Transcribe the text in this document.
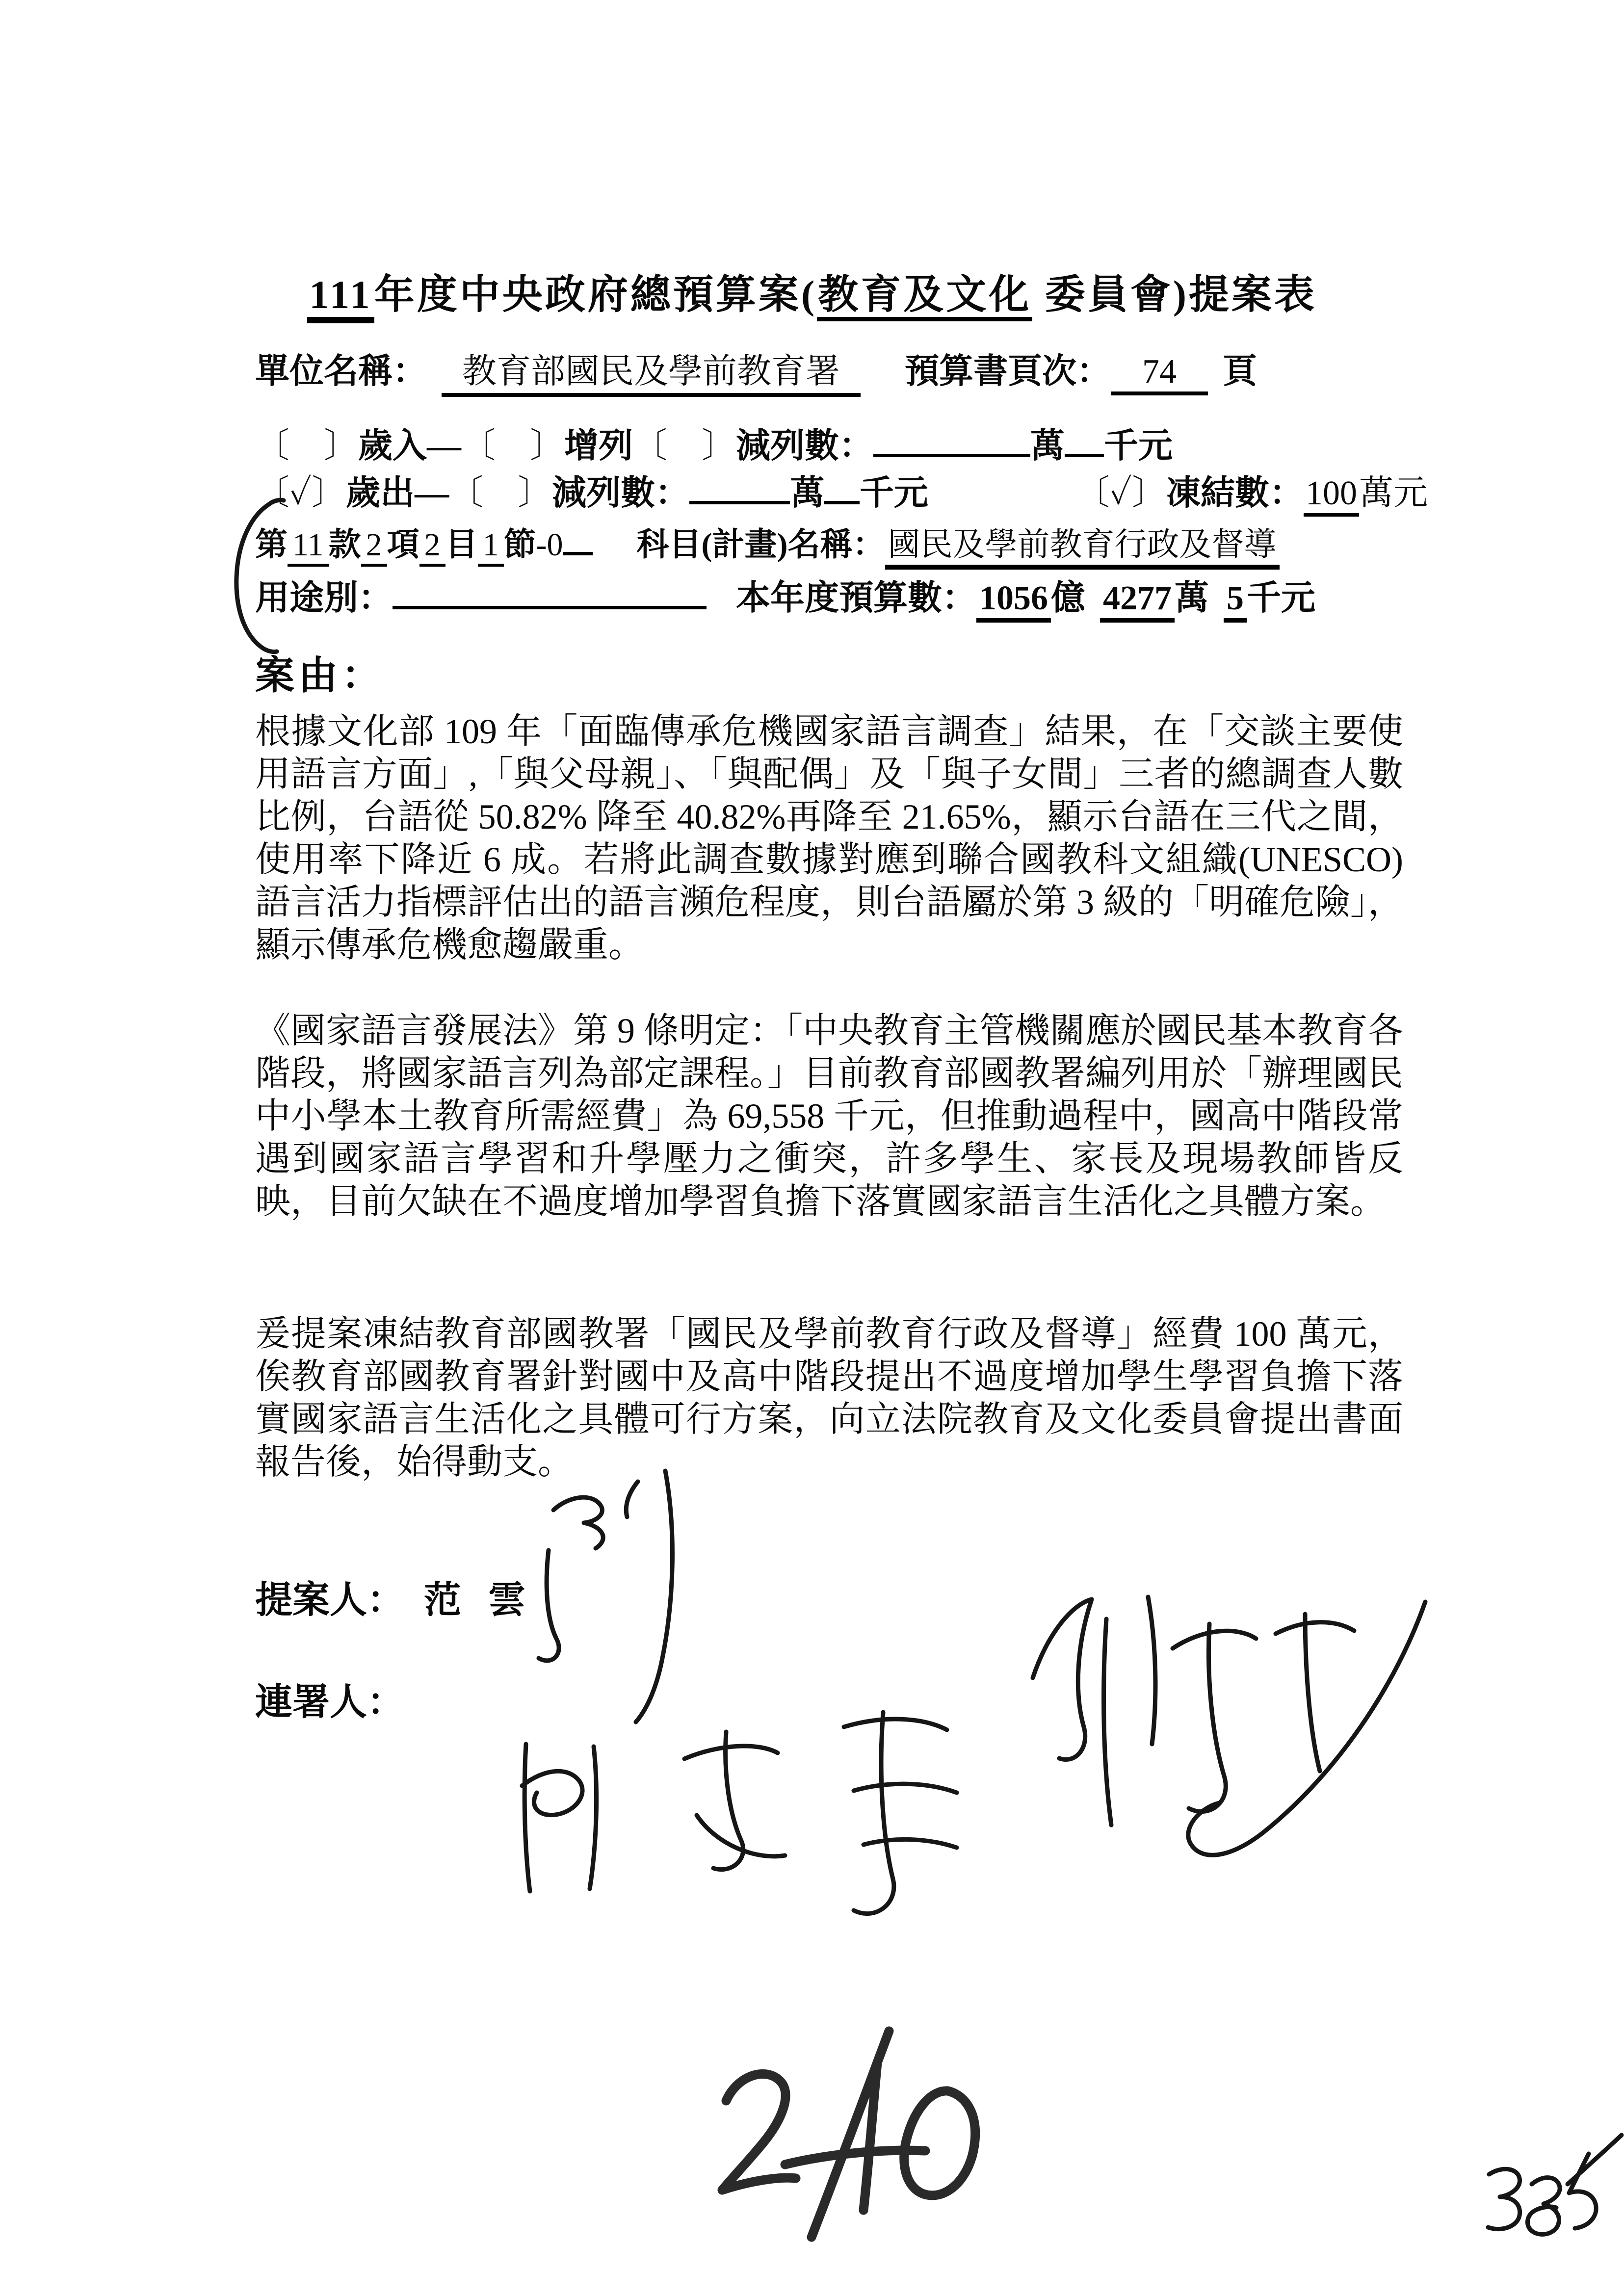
111年度中央政府總預算案(教育及文化 委員會)提案表
單位名稱：	教育部國民及學前教育署	預算書頁次： 74	頁
〔　〕 歲入 — 〔　〕 增列 〔　〕 減列數：	萬 千元
〔✓〕 歲出 — 〔　〕 減列數：	萬 千元	〔✓〕 凍結數： 100 萬元
第 11 款 2 項 2 目 1 節 -0 科目(計畫)名稱： 國民及學前教育行政及督導
用途別：	本年度預算數： 1056 億 4277 萬 5 千元
案由：
根據文化部 109 年「面臨傳承危機國家語言調查」結果，在「交談主要使用語言方面」,「與父母親」、「與配偶」及「與子女間」三者的總調查人數比例，台語從 50.82% 降至 40.82%再降至 21.65%，顯示台語在三代之間，使用率下降近 6 成。若將此調查數據對應到聯合國教科文組織(UNESCO) 語言活力指標評估出的語言瀕危程度，則台語屬於第 3 級的「明確危險」，顯示傳承危機愈趨嚴重。
《國家語言發展法》第 9 條明定：「中央教育主管機關應於國民基本教育各階段，將國家語言列為部定課程。」目前教育部國教署編列用於「辦理國民中小學本土教育所需經費」為 69,558 千元，但推動過程中，國高中階段常遇到國家語言學習和升學壓力之衝突，許多學生、家長及現場教師皆反映，目前欠缺在不過度增加學習負擔下落實國家語言生活化之具體方案。
爰提案凍結教育部國教署「國民及學前教育行政及督導」經費 100 萬元，俟教育部國教育署針對國中及高中階段提出不過度增加學生學習負擔下落實國家語言生活化之具體可行方案，向立法院教育及文化委員會提出書面報告後，始得動支。
提案人： 范 雲
連署人：
